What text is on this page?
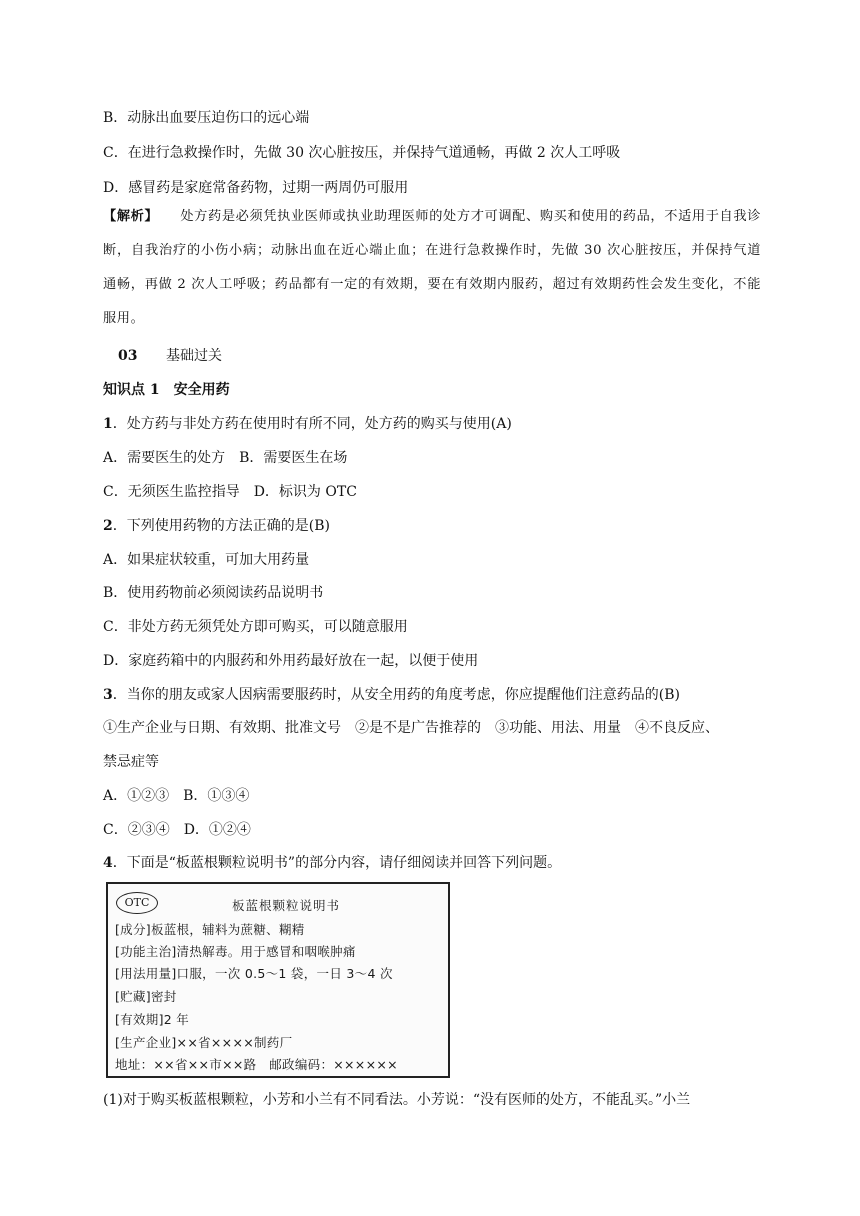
B．动脉出血要压迫伤口的远心端
C．在进行急救操作时，先做 30 次心脏按压，并保持气道通畅，再做 2 次人工呼吸
D．感冒药是家庭常备药物，过期一两周仍可服用
【解析】 处方药是必须凭执业医师或执业助理医师的处方才可调配、购买和使用的药品，不适用于自我诊断，自我治疗的小伤小病；动脉出血在近心端止血；在进行急救操作时，先做 30 次心脏按压，并保持气道通畅，再做 2 次人工呼吸；药品都有一定的有效期，要在有效期内服药，超过有效期药性会发生变化，不能服用。
03 基础过关
知识点 1　安全用药
1．处方药与非处方药在使用时有所不同，处方药的购买与使用(A)
A．需要医生的处方　B．需要医生在场
C．无须医生监控指导　D．标识为 OTC
2．下列使用药物的方法正确的是(B)
A．如果症状较重，可加大用药量
B．使用药物前必须阅读药品说明书
C．非处方药无须凭处方即可购买，可以随意服用
D．家庭药箱中的内服药和外用药最好放在一起，以便于使用
3．当你的朋友或家人因病需要服药时，从安全用药的角度考虑，你应提醒他们注意药品的(B)
①生产企业与日期、有效期、批准文号　②是不是广告推荐的　③功能、用法、用量　④不良反应、
禁忌症等
A．①②③　B．①③④
C．②③④　D．①②④
4．下面是“板蓝根颗粒说明书”的部分内容，请仔细阅读并回答下列问题。
OTC	板蓝根颗粒说明书
[成分]板蓝根，辅料为蔗糖、糊精
[功能主治]清热解毒。用于感冒和咽喉肿痛
[用法用量]口服，一次 0.5～1 袋，一日 3～4 次
[贮藏]密封
[有效期]2 年
[生产企业]××省××××制药厂
地址：××省××市××路　邮政编码：××××××
(1)对于购买板蓝根颗粒，小芳和小兰有不同看法。小芳说：“没有医师的处方，不能乱买。”小兰
